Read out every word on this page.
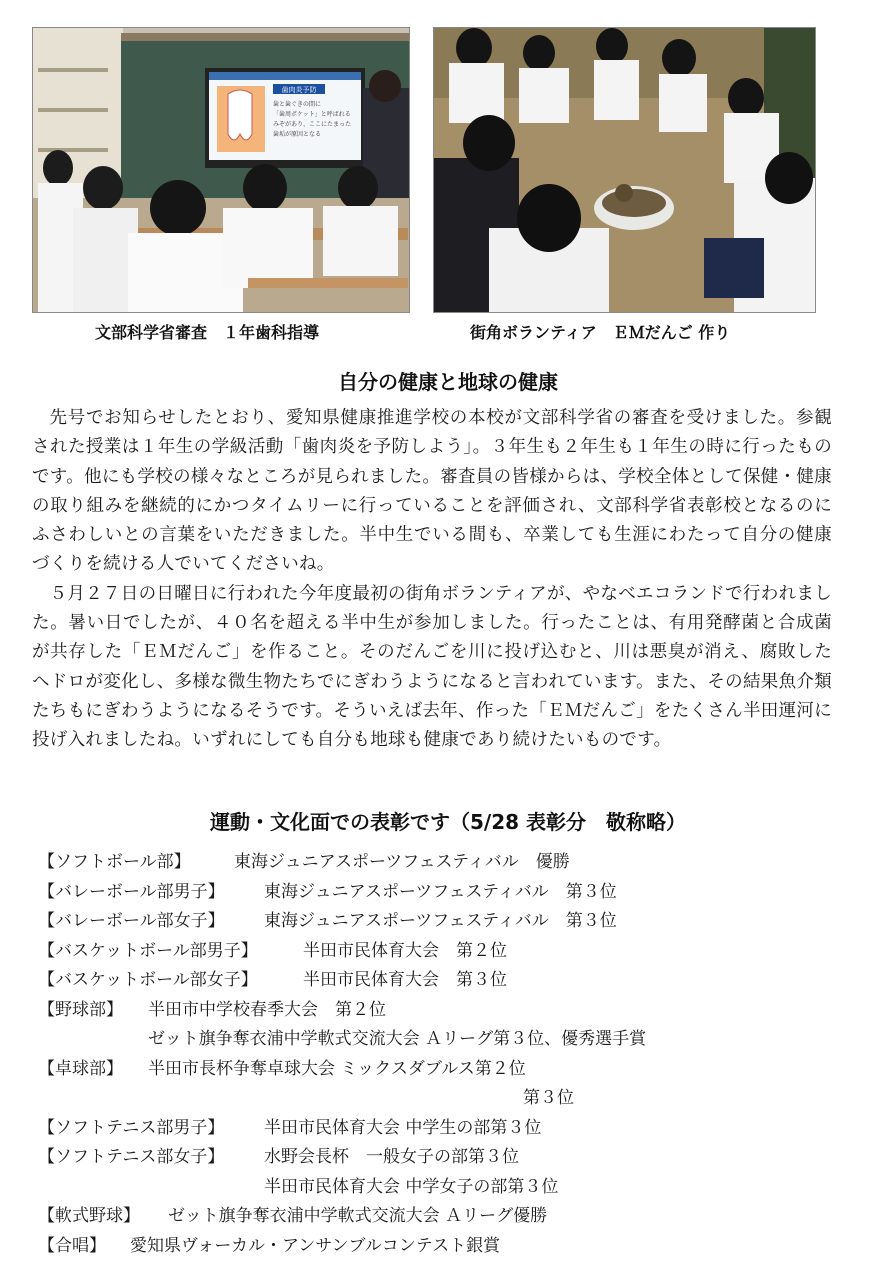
歯肉炎予防
歯と歯ぐきの間に
「歯周ポケット」と呼ばれる
みぞがあり、ここにたまった
歯垢が原因となる
文部科学省審査　１年歯科指導	街角ボランティア　ＥＭだんご 作り
自分の健康と地球の健康

先号でお知らせしたとおり、愛知県健康推進学校の本校が文部科学省の審査を受けました。参観された授業は１年生の学級活動「歯肉炎を予防しよう」。３年生も２年生も１年生の時に行ったものです。他にも学校の様々なところが見られました。審査員の皆様からは、学校全体として保健・健康の取り組みを継続的にかつタイムリーに行っていることを評価され、文部科学省表彰校となるのにふさわしいとの言葉をいただきました。半中生でいる間も、卒業しても生涯にわたって自分の健康づくりを続ける人でいてくださいね。

５月２７日の日曜日に行われた今年度最初の街角ボランティアが、やなべエコランドで行われました。暑い日でしたが、４０名を超える半中生が参加しました。行ったことは、有用発酵菌と合成菌が共存した「ＥＭだんご」を作ること。そのだんごを川に投げ込むと、川は悪臭が消え、腐敗したヘドロが変化し、多様な微生物たちでにぎわうようになると言われています。また、その結果魚介類たちもにぎわうようになるそうです。そういえば去年、作った「ＥＭだんご」をたくさん半田運河に投げ入れましたね。いずれにしても自分も地球も健康であり続けたいものです。

運動・文化面での表彰です（5/28 表彰分　敬称略）
【ソフトボール部】	東海ジュニアスポーツフェスティバル　優勝
【バレーボール部男子】 東海ジュニアスポーツフェスティバル　第３位
【バレーボール部女子】 東海ジュニアスポーツフェスティバル　第３位
【バスケットボール部男子】	半田市民体育大会　第２位
【バスケットボール部女子】	半田市民体育大会　第３位
【野球部】 半田市中学校春季大会　第２位
ゼット旗争奪衣浦中学軟式交流大会 Ａリーグ第３位、優秀選手賞
【卓球部】 半田市長杯争奪卓球大会 ミックスダブルス第２位
第３位
【ソフトテニス部男子】 半田市民体育大会 中学生の部第３位
【ソフトテニス部女子】 水野会長杯　一般女子の部第３位
半田市民体育大会 中学女子の部第３位
【軟式野球】 ゼット旗争奪衣浦中学軟式交流大会 Ａリーグ優勝
【合唱】 愛知県ヴォーカル・アンサンブルコンテスト銀賞
